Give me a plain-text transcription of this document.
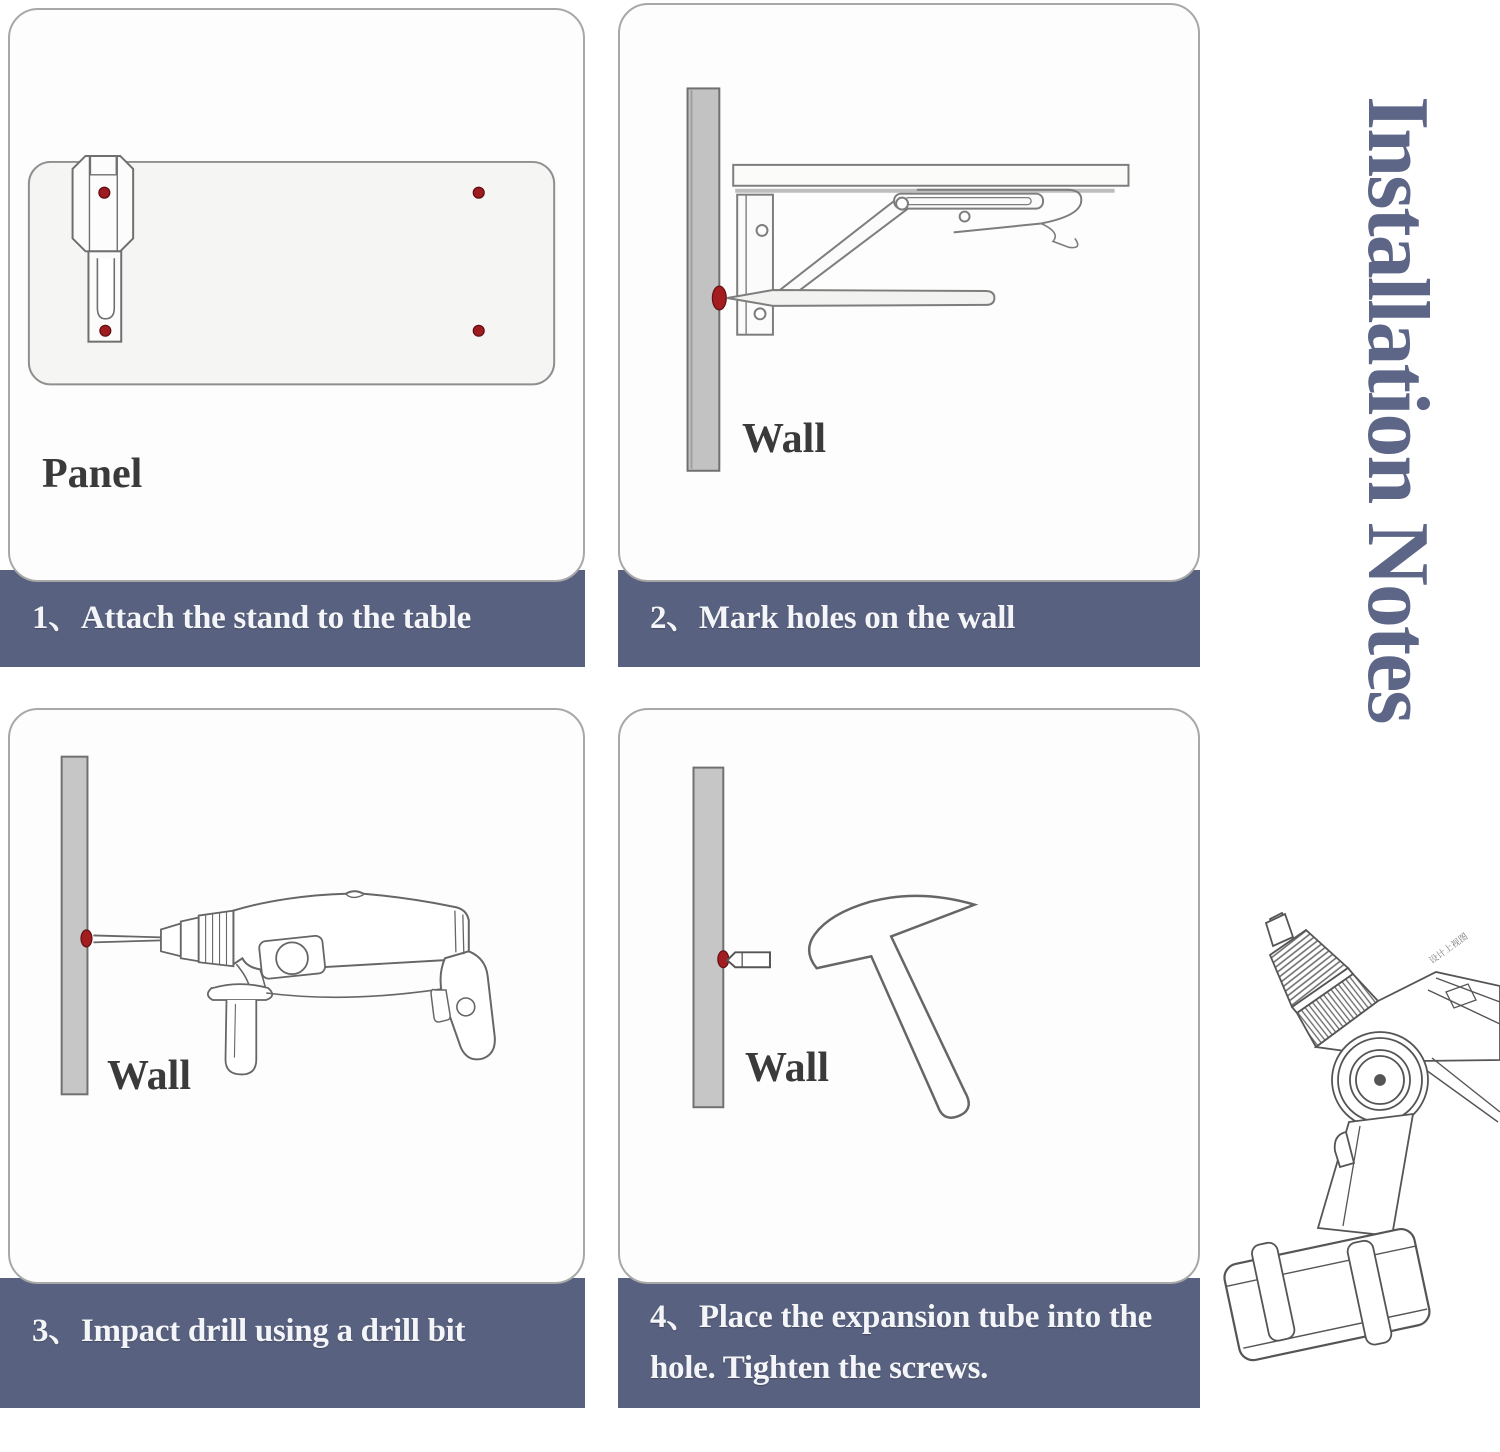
1、Attach the stand to the table
Panel
2、Mark holes on the wall
Wall
3、Impact drill using a drill bit
Wall
4、Place the expansion tube into the hole. Tighten the screws.
Wall
Installation Notes
设计上视图
